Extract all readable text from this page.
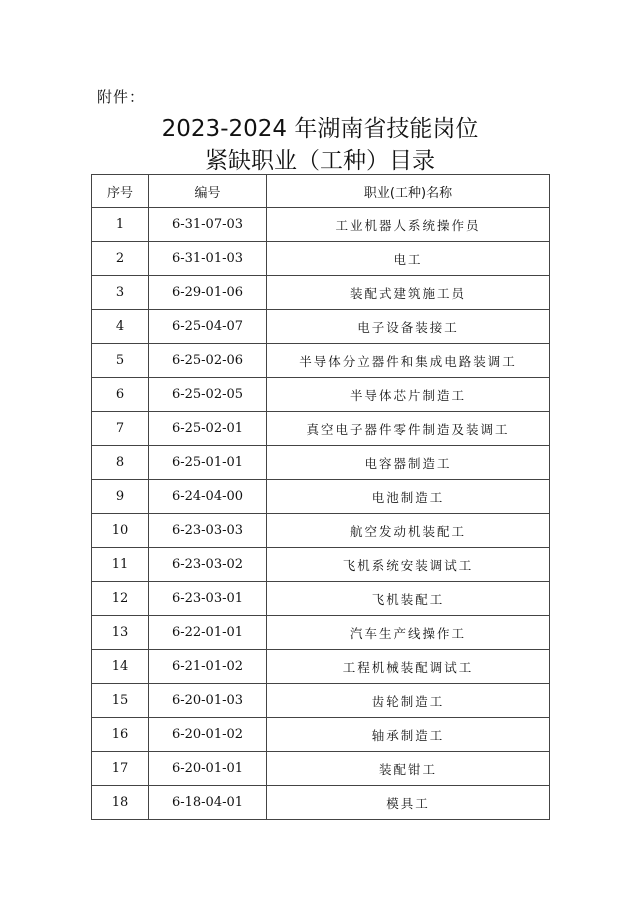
附件：
2023-2024 年湖南省技能岗位
紧缺职业（工种）目录
序号	编号	职业(工种)名称
1	6-31-07-03	工业机器人系统操作员
2	6-31-01-03	电工
3	6-29-01-06	装配式建筑施工员
4	6-25-04-07	电子设备装接工
5	6-25-02-06	半导体分立器件和集成电路装调工
6	6-25-02-05	半导体芯片制造工
7	6-25-02-01	真空电子器件零件制造及装调工
8	6-25-01-01	电容器制造工
9	6-24-04-00	电池制造工
10	6-23-03-03	航空发动机装配工
11	6-23-03-02	飞机系统安装调试工
12	6-23-03-01	飞机装配工
13	6-22-01-01	汽车生产线操作工
14	6-21-01-02	工程机械装配调试工
15	6-20-01-03	齿轮制造工
16	6-20-01-02	轴承制造工
17	6-20-01-01	装配钳工
18	6-18-04-01	模具工
